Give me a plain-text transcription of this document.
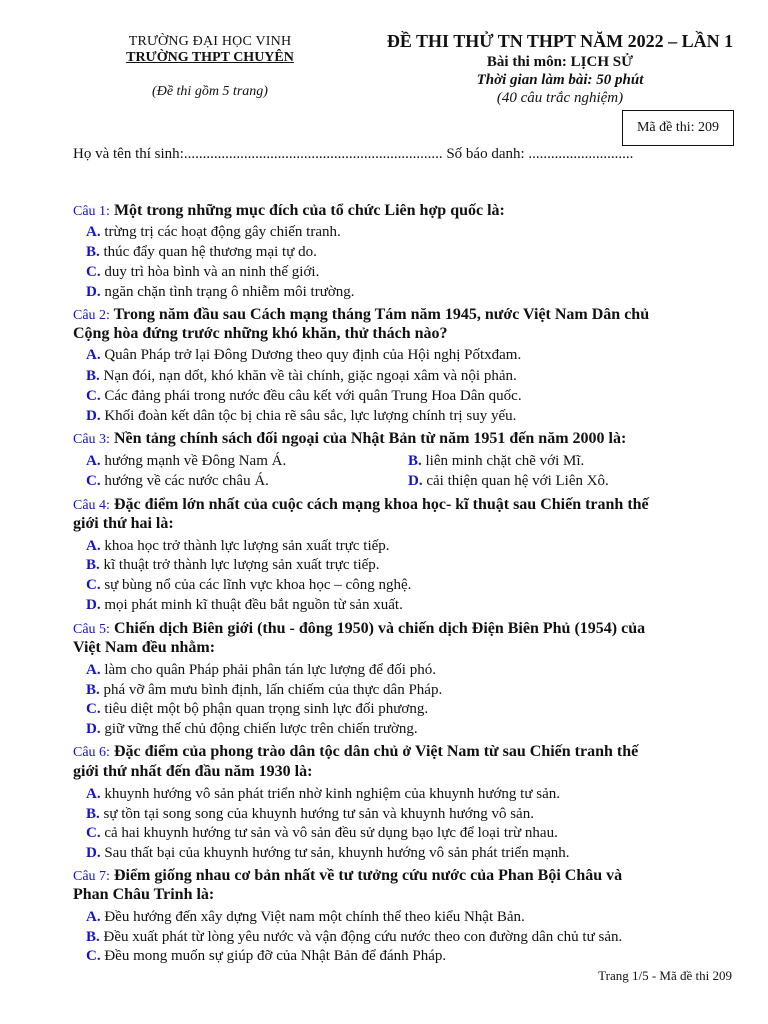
TRƯỜNG ĐẠI HỌC VINH
TRƯỜNG THPT CHUYÊN
(Đề thi gồm 5 trang)
ĐỀ THI THỬ TN THPT NĂM 2022 – LẦN 1
Bài thi môn: LỊCH SỬ
Thời gian làm bài: 50 phút
(40 câu trắc nghiệm)
Mã đề thi: 209
Họ và tên thí sinh:..................................................................... Số báo danh: ............................
Câu 1: Một trong những mục đích của tổ chức Liên hợp quốc là:
A. trừng trị các hoạt động gây chiến tranh.
B. thúc đẩy quan hệ thương mại tự do.
C. duy trì hòa bình và an ninh thế giới.
D. ngăn chặn tình trạng ô nhiễm môi trường.
Câu 2: Trong năm đầu sau Cách mạng tháng Tám năm 1945, nước Việt Nam Dân chủ
Cộng hòa đứng trước những khó khăn, thử thách nào?
A. Quân Pháp trở lại Đông Dương theo quy định của Hội nghị Pốtxđam.
B. Nạn đói, nạn dốt, khó khăn về tài chính, giặc ngoại xâm và nội phản.
C. Các đảng phái trong nước đều câu kết với quân Trung Hoa Dân quốc.
D. Khối đoàn kết dân tộc bị chia rẽ sâu sắc, lực lượng chính trị suy yếu.
Câu 3: Nền tảng chính sách đối ngoại của Nhật Bản từ năm 1951 đến năm 2000 là:
A. hướng mạnh về Đông Nam Á.	B. liên minh chặt chẽ với Mĩ.
C. hướng về các nước châu Á.	D. cải thiện quan hệ với Liên Xô.
Câu 4: Đặc điểm lớn nhất của cuộc cách mạng khoa học- kĩ thuật sau Chiến tranh thế
giới thứ hai là:
A. khoa học trở thành lực lượng sản xuất trực tiếp.
B. kĩ thuật trở thành lực lượng sản xuất trực tiếp.
C. sự bùng nổ của các lĩnh vực khoa học – công nghệ.
D. mọi phát minh kĩ thuật đều bắt nguồn từ sản xuất.
Câu 5: Chiến dịch Biên giới (thu - đông 1950) và chiến dịch Điện Biên Phủ (1954) của
Việt Nam đều nhằm:
A. làm cho quân Pháp phải phân tán lực lượng để đối phó.
B. phá vỡ âm mưu bình định, lấn chiếm của thực dân Pháp.
C. tiêu diệt một bộ phận quan trọng sinh lực đối phương.
D. giữ vững thế chủ động chiến lược trên chiến trường.
Câu 6: Đặc điểm của phong trào dân tộc dân chủ ở Việt Nam từ sau Chiến tranh thế
giới thứ nhất đến đầu năm 1930 là:
A. khuynh hướng vô sản phát triển nhờ kinh nghiệm của khuynh hướng tư sản.
B. sự tồn tại song song của khuynh hướng tư sản và khuynh hướng vô sản.
C. cả hai khuynh hướng tư sản và vô sản đều sử dụng bạo lực để loại trừ nhau.
D. Sau thất bại của khuynh hướng tư sản, khuynh hướng vô sản phát triển mạnh.
Câu 7: Điểm giống nhau cơ bản nhất về tư tưởng cứu nước của Phan Bội Châu và
Phan Châu Trinh là:
A. Đều hướng đến xây dựng Việt nam một chính thể theo kiểu Nhật Bản.
B. Đều xuất phát từ lòng yêu nước và vận động cứu nước theo con đường dân chủ tư sản.
C. Đều mong muốn sự giúp đỡ của Nhật Bản để đánh Pháp.
Trang 1/5 - Mã đề thi 209
